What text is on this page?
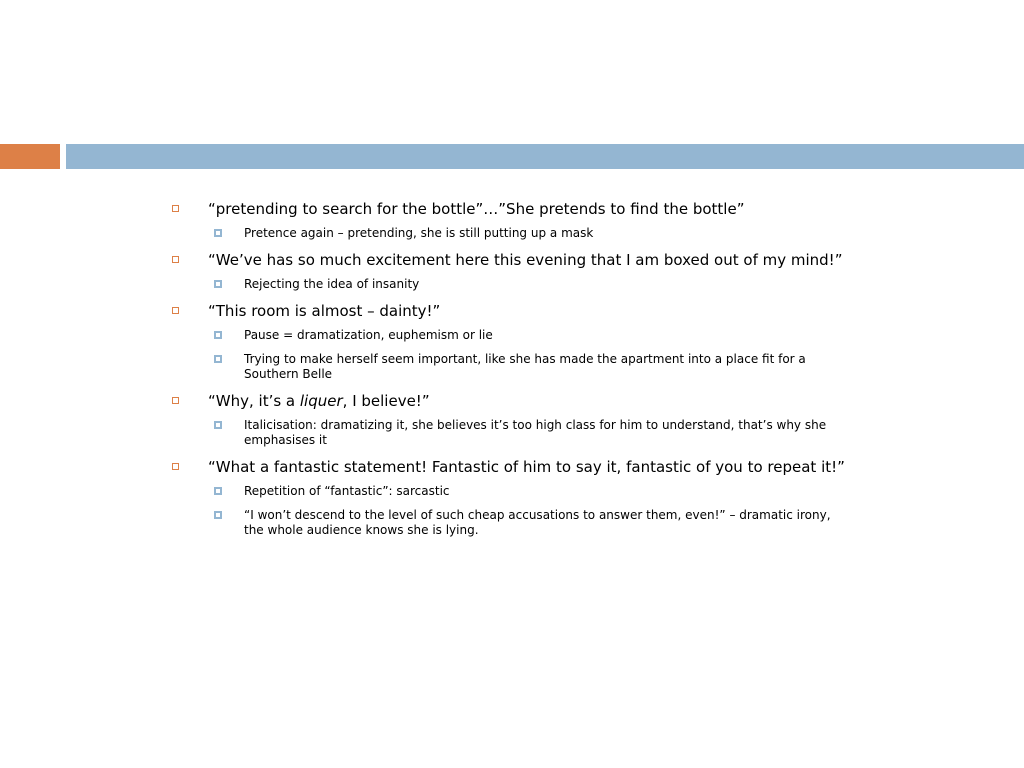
“pretending to search for the bottle”…”She pretends to find the bottle”
Pretence again – pretending, she is still putting up a mask
“We’ve has so much excitement here this evening that I am boxed out of my mind!”
Rejecting the idea of insanity
“This room is almost – dainty!”
Pause = dramatization, euphemism or lie
Trying to make herself seem important, like she has made the apartment into a place fit for a Southern Belle
“Why, it’s a liquer, I believe!”
Italicisation: dramatizing it, she believes it’s too high class for him to understand, that’s why she emphasises it
“What a fantastic statement! Fantastic of him to say it, fantastic of you to repeat it!”
Repetition of “fantastic”: sarcastic
“I won’t descend to the level of such cheap accusations to answer them, even!” – dramatic irony, the whole audience knows she is lying.
